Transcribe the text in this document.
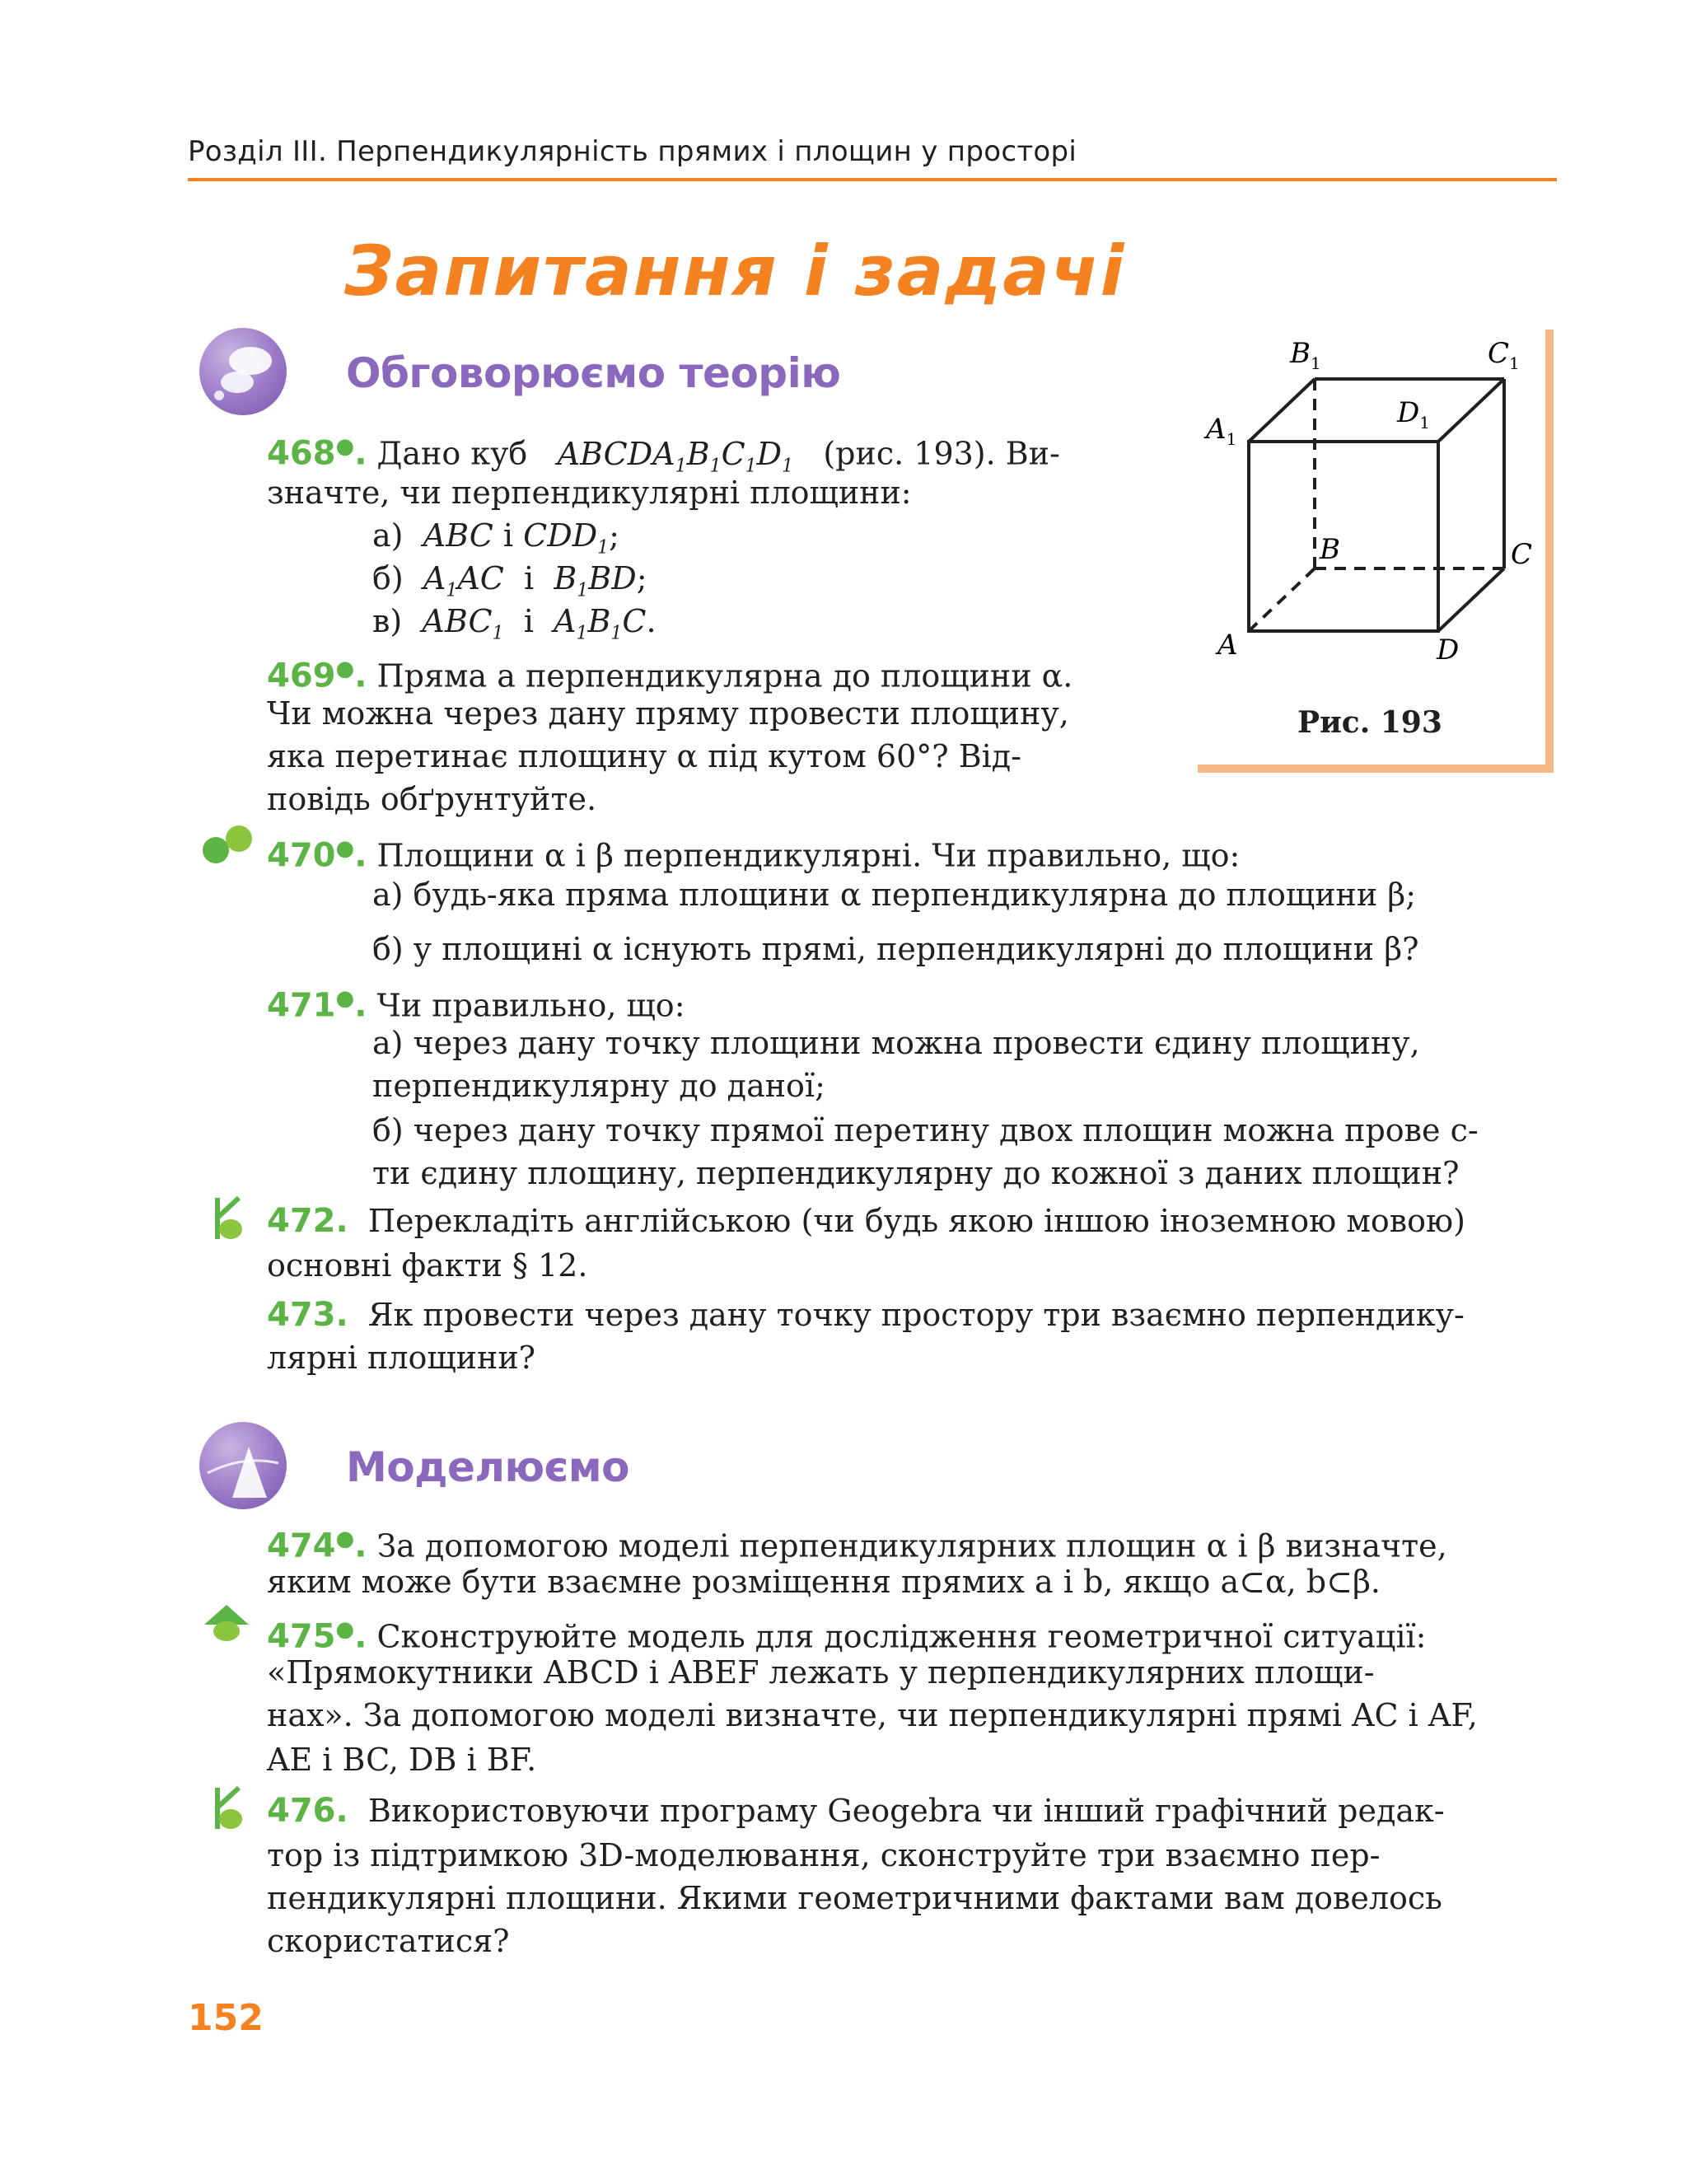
Розділ III. Перпендикулярність прямих і площин у просторі
Запитання і задачі
Обговорюємо теорію	$B_1$	$C_1$
$D_1$
$A_1$
B	C
A	D
Рис. 193
468●. Дано куб $ABCDA_1B_1C_1D_1$ (рис. 193). Ви-
значте, чи перпендикулярні площини:
а) ABC і $CDD_1$;
б) $A_1AC$  і  $B_1BD$;
в) $ABC_1$  і  $A_1B_1C$.
469●. Пряма a перпендикулярна до площини α.
Чи можна через дану пряму провести площину,
яка перетинає площину α під кутом 60°? Від-
повідь обґрунтуйте.
470●. Площини α і β перпендикулярні. Чи правильно, що:
а) будь-яка пряма площини α перпендикулярна до площини β;
б) у площині α існують прямі, перпендикулярні до площини β?
471●. Чи правильно, що:
а) через дану точку площини можна провести єдину площину,
перпендикулярну до даної;
б) через дану точку прямої перетину двох площин можна прове с-
ти єдину площину, перпендикулярну до кожної з даних площин?
472. Перекладіть англійською (чи будь якою іншою іноземною мовою)
основні факти § 12.
473. Як провести через дану точку простору три взаємно перпендику-
лярні площини?
Моделюємо
474●. За допомогою моделі перпендикулярних площин α і β визначте,
яким може бути взаємне розміщення прямих a і b, якщо a⊂α, b⊂β.
475●. Сконструюйте модель для дослідження геометричної ситуації:
«Прямокутники ABCD і ABEF лежать у перпендикулярних площи-
нах». За допомогою моделі визначте, чи перпендикулярні прямі AC і AF,
AE і BC, DB і BF.
476. Використовуючи програму Geogebra чи інший графічний редак-
тор із підтримкою 3D-моделювання, сконструйте три взаємно пер-
пендикулярні площини. Якими геометричними фактами вам довелось
скористатися?
152
